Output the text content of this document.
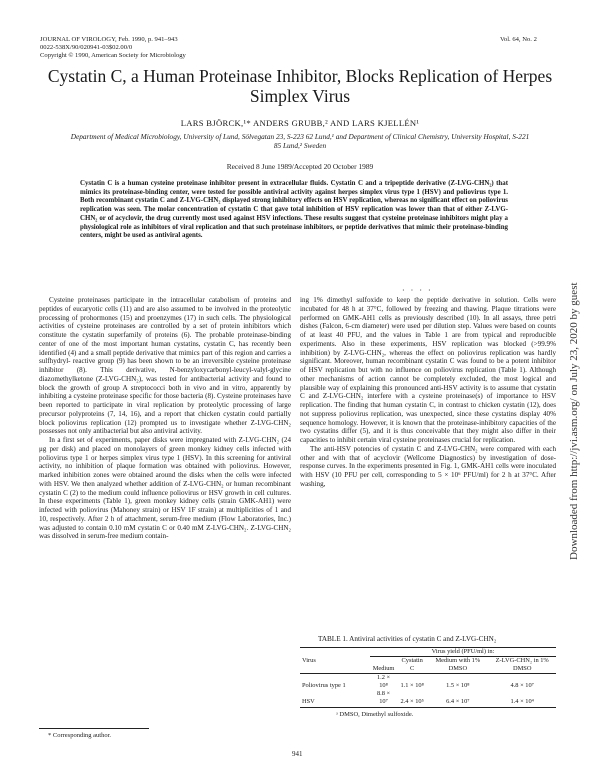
JOURNAL OF VIROLOGY, Feb. 1990, p. 941–943
0022-538X/90/020941-03$02.00/0
Copyright © 1990, American Society for Microbiology
Vol. 64, No. 2
Cystatin C, a Human Proteinase Inhibitor, Blocks Replication of Herpes Simplex Virus
LARS BJÖRCK,¹* ANDERS GRUBB,² AND LARS KJELLÉN¹
Department of Medical Microbiology, University of Lund, Sölvegatan 23, S-223 62 Lund,¹ and Department of Clinical Chemistry, University Hospital, S-221 85 Lund,² Sweden
Received 8 June 1989/Accepted 20 October 1989
Cystatin C is a human cysteine proteinase inhibitor present in extracellular fluids. Cystatin C and a tripeptide derivative (Z-LVG-CHN₂) that mimics its proteinase-binding center, were tested for possible antiviral activity against herpes simplex virus type 1 (HSV) and poliovirus type 1. Both recombinant cystatin C and Z-LVG-CHN₂ displayed strong inhibitory effects on HSV replication, whereas no significant effect on poliovirus replication was seen. The molar concentration of cystatin C that gave total inhibition of HSV replication was lower than that of either Z-LVG-CHN₂ or of acyclovir, the drug currently most used against HSV infections. These results suggest that cysteine proteinase inhibitors might play a physiological role as inhibitors of viral replication and that such proteinase inhibitors, or peptide derivatives that mimic their proteinase-binding centers, might be used as antiviral agents.
· · · ·

Cysteine proteinases participate in the intracellular catabolism of proteins and peptides of eucaryotic cells (11) and are also assumed to be involved in the proteolytic processing of prohormones (15) and proenzymes (17) in such cells. The physiological activities of cysteine proteinases are controlled by a set of protein inhibitors which constitute the cystatin superfamily of proteins (6). The probable proteinase-binding center of one of the most important human cystatins, cystatin C, has recently been identified (4) and a small peptide derivative that mimics part of this region and carries a sulfhydryl- reactive group (9) has been shown to be an irreversible cysteine proteinase inhibitor (8). This derivative, N-benzyloxycarbonyl-leucyl-valyl-glycine diazomethylketone (Z-LVG-CHN₂), was tested for antibacterial activity and found to block the growth of group A streptococci both in vivo and in vitro, apparently by inhibiting a cysteine proteinase specific for those bacteria (8). Cysteine proteinases have been reported to participate in viral replication by proteolytic processing of large precursor polyproteins (7, 14, 16), and a report that chicken cystatin could partially block poliovirus replication (12) prompted us to investigate whether Z-LVG-CHN₂ possesses not only antibacterial but also antiviral activity.

In a first set of experiments, paper disks were impregnated with Z-LVG-CHN₂ (24 μg per disk) and placed on monolayers of green monkey kidney cells infected with poliovirus type 1 or herpes simplex virus type 1 (HSV). In this screening for antiviral activity, no inhibition of plaque formation was obtained with poliovirus. However, marked inhibition zones were obtained around the disks when the cells were infected with HSV. We then analyzed whether addition of Z-LVG-CHN₂ or human recombinant cystatin C (2) to the medium could influence poliovirus or HSV growth in cell cultures. In these experiments (Table 1), green monkey kidney cells (strain GMK-AH1) were infected with poliovirus (Mahoney strain) or HSV 1F strain) at multiplicities of 1 and 10, respectively. After 2 h of attachment, serum-free medium (Flow Laboratories, Inc.) was adjusted to contain 0.10 mM cystatin C or 0.40 mM Z-LVG-CHN₂. Z-LVG-CHN₂ was dissolved in serum-free medium contain-

ing 1% dimethyl sulfoxide to keep the peptide derivative in solution. Cells were incubated for 48 h at 37°C, followed by freezing and thawing. Plaque titrations were performed on GMK-AH1 cells as previously described (10). In all assays, three petri dishes (Falcon, 6-cm diameter) were used per dilution step. Values were based on counts of at least 40 PFU, and the values in Table 1 are from typical and reproducible experiments. Also in these experiments, HSV replication was blocked (>99.9% inhibition) by Z-LVG-CHN₂, whereas the effect on poliovirus replication was hardly significant. Moreover, human recombinant cystatin C was found to be a potent inhibitor of HSV replication but with no influence on poliovirus replication (Table 1). Although other mechanisms of action cannot be completely excluded, the most logical and plausible way of explaining this pronounced anti-HSV activity is to assume that cystatin C and Z-LVG-CHN₂ interfere with a cysteine proteinase(s) of importance to HSV replication. The finding that human cystatin C, in contrast to chicken cystatin (12), does not suppress poliovirus replication, was unexpected, since these cystatins display 40% sequence homology. However, it is known that the proteinase-inhibitory capacities of the two cystatins differ (5), and it is thus conceivable that they might also differ in their capacities to inhibit certain viral cysteine proteinases crucial for replication.

The anti-HSV potencies of cystatin C and Z-LVG-CHN₂ were compared with each other and with that of acyclovir (Wellcome Diagnostics) by investigation of dose-response curves. In the experiments presented in Fig. 1, GMK-AH1 cells were inoculated with HSV (10 PFU per cell, corresponding to 5 × 10⁶ PFU/ml) for 2 h at 37°C. After washing,

TABLE 1. Antiviral activities of cystatin C and Z-LVG-CHN₂
Virus	Virus yield (PFU/ml) in:			
	Medium	Cystatin C	Medium with 1% DMSO	Z-LVG-CHN₂ in 1% DMSO

Poliovirus type 1	1.2 × 10⁸	1.1 × 10⁸	1.5 × 10⁸	4.8 × 10⁷
HSV	8.8 × 10⁷	2.4 × 10⁵	6.4 × 10⁷	1.4 × 10⁴
ᵃ DMSO, Dimethyl sulfoxide.
* Corresponding author.
941
Downloaded from http://jvi.asm.org/ on July 23, 2020 by guest
